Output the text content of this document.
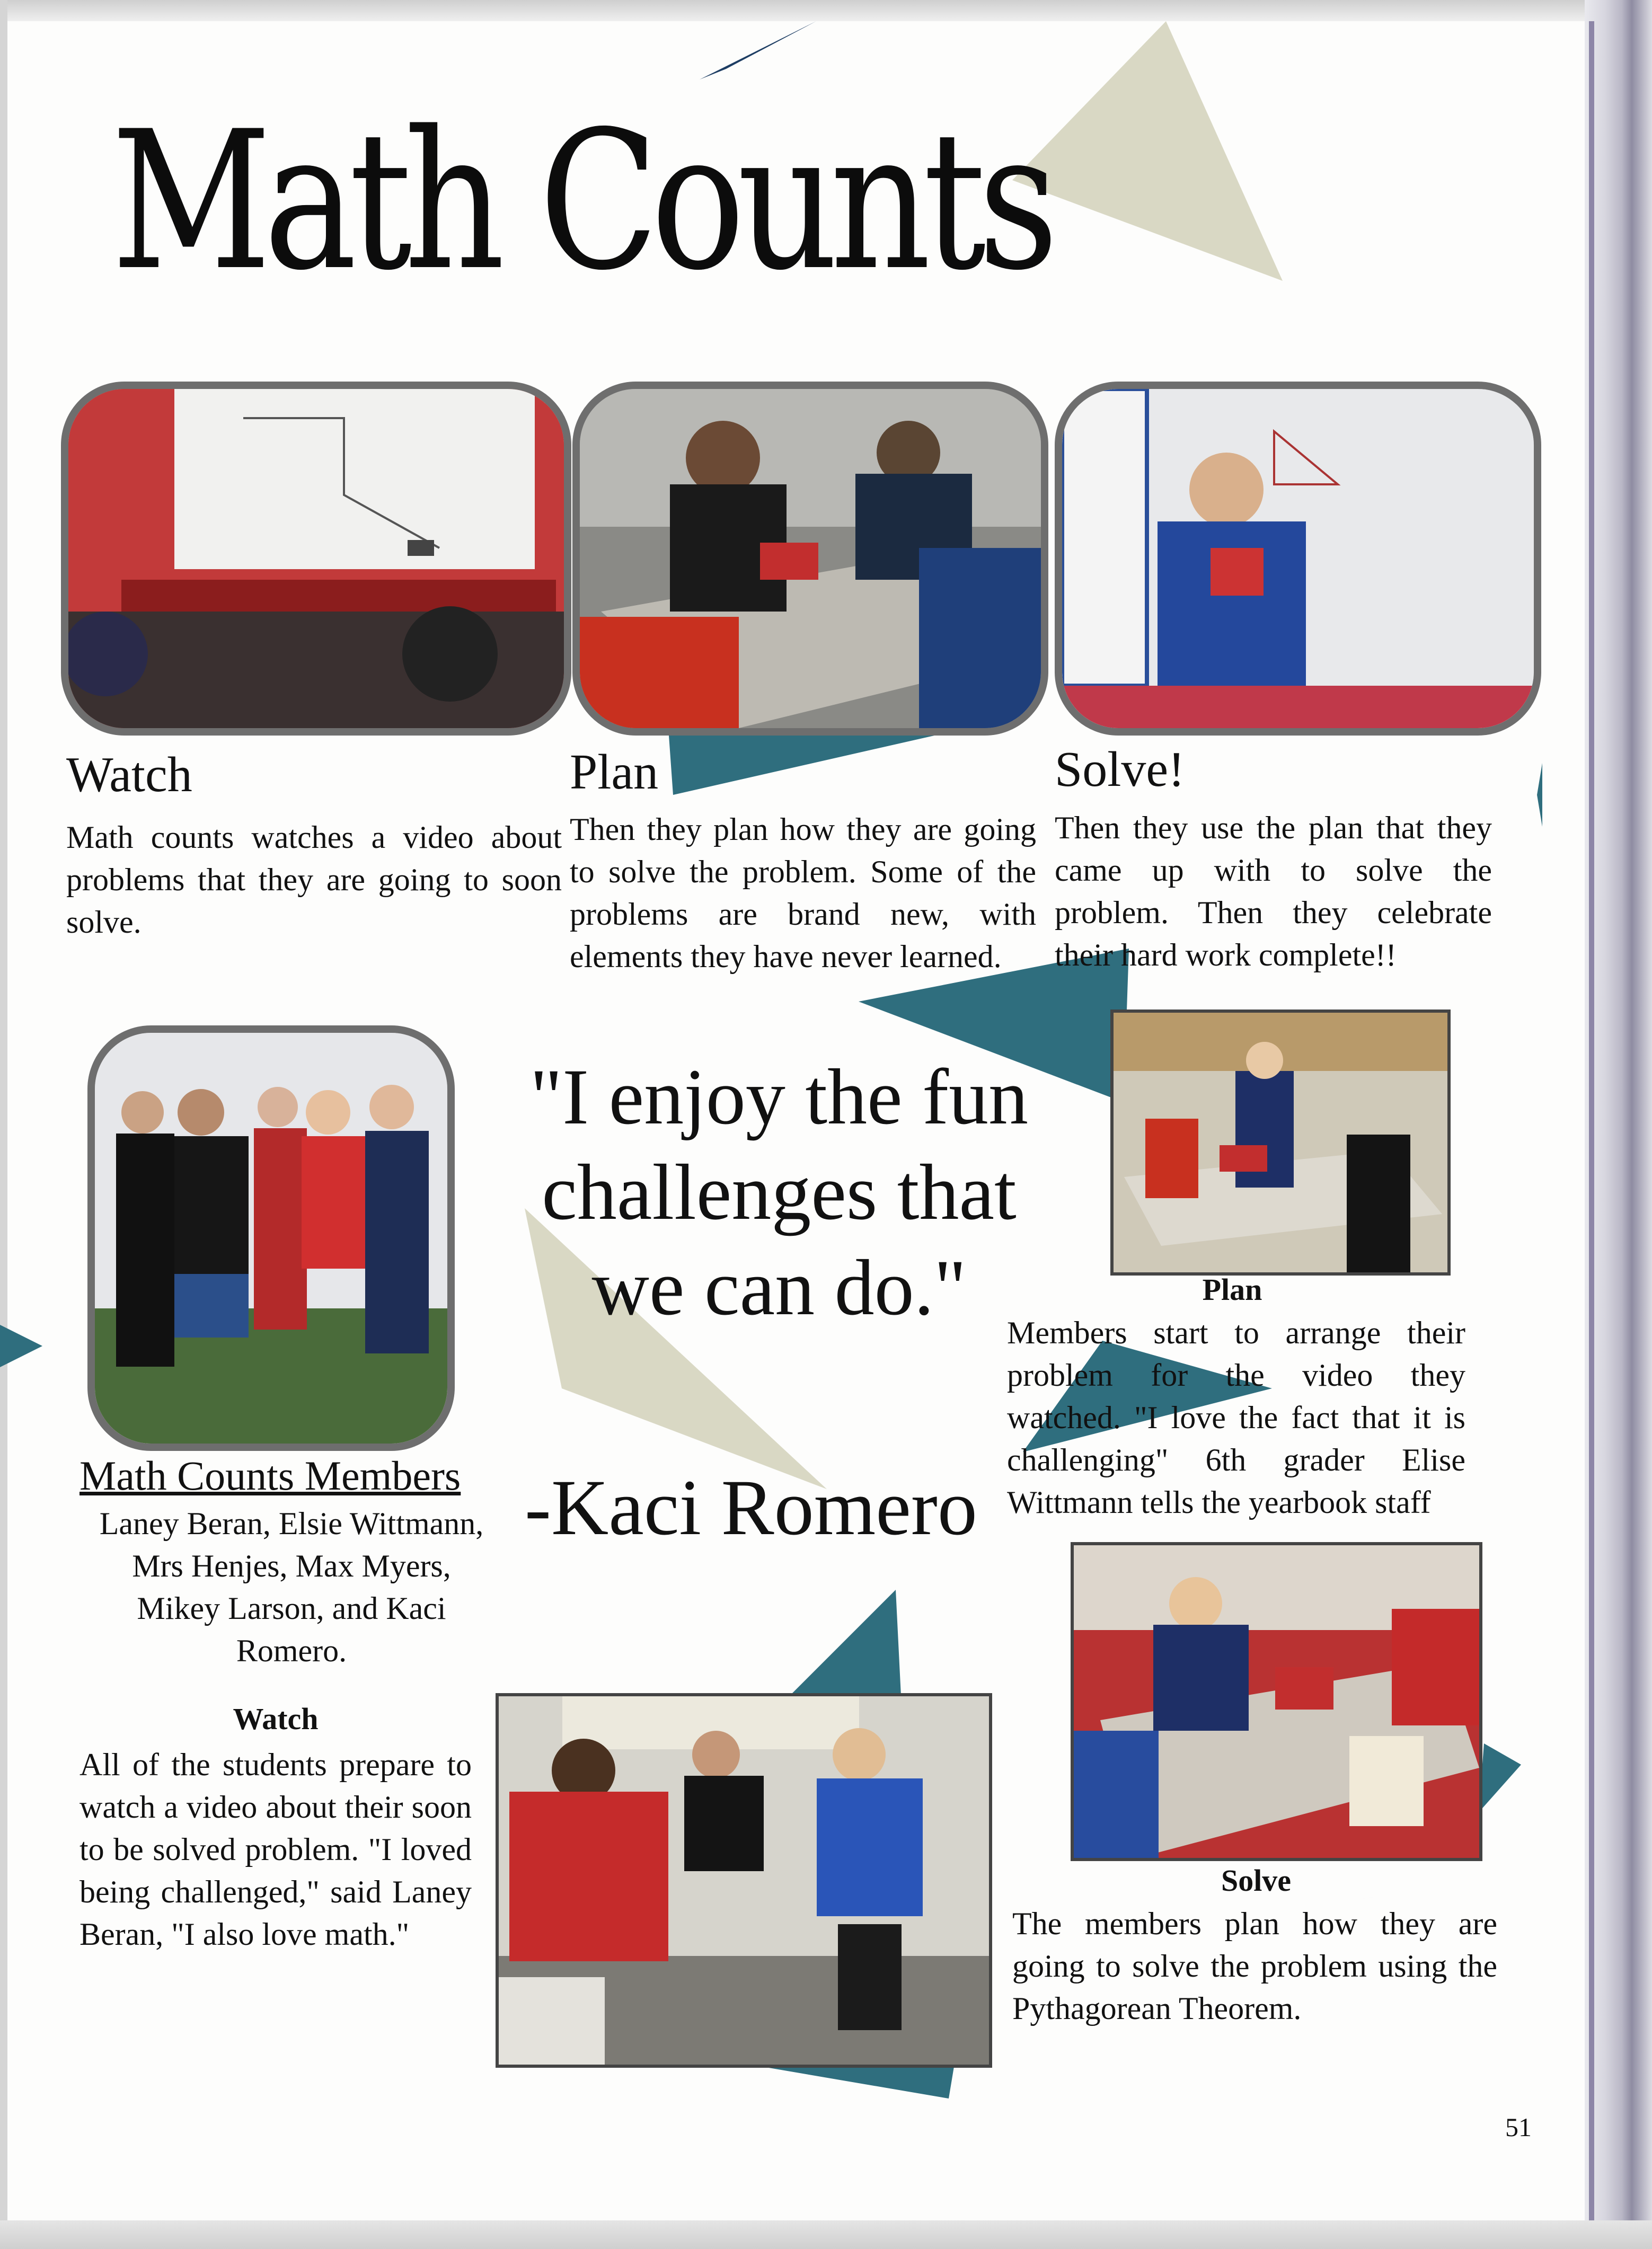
Math Counts
Watch
Math counts watches a video about problems that they are going to soon solve.
Plan
Then they plan how they are going to solve the problem. Some of the problems are brand new, with elements they have never learned.
Solve!
Then they use the plan that they came up with to solve the problem. Then they celebrate their hard work complete!!
Math Counts Members
Laney Beran, Elsie Wittmann, Mrs Henjes, Max Myers, Mikey Larson, and Kaci Romero.
"I enjoy the fun challenges that we can do."
-Kaci Romero
Plan
Members start to arrange their problem for the video they watched. "I love the fact that it is challenging" 6th grader Elise Wittmann tells the yearbook staff
Watch
All of the students prepare to watch a video about their soon to be solved problem. "I loved being challenged," said Laney Beran, "I also love math."
Solve
The members plan how they are going to solve the problem using the Pythagorean Theorem.
51
